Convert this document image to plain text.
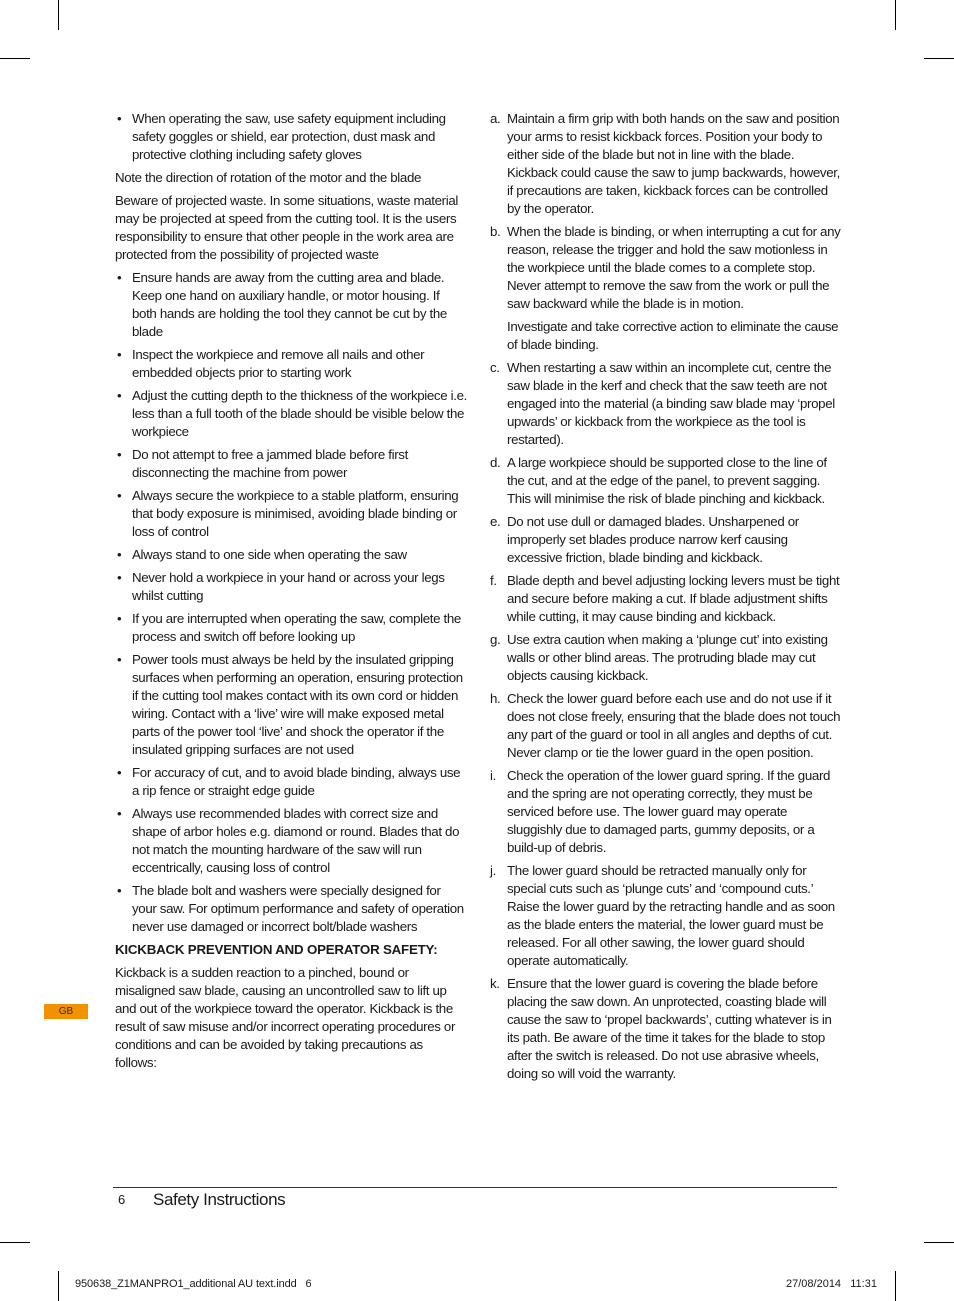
• When operating the saw, use safety equipment including safety goggles or shield, ear protection, dust mask and protective clothing including safety gloves

Note the direction of rotation of the motor and the blade

Beware of projected waste. In some situations, waste material may be projected at speed from the cutting tool. It is the users responsibility to ensure that other people in the work area are protected from the possibility of projected waste

• Ensure hands are away from the cutting area and blade. Keep one hand on auxiliary handle, or motor housing. If both hands are holding the tool they cannot be cut by the blade
• Inspect the workpiece and remove all nails and other embedded objects prior to starting work
• Adjust the cutting depth to the thickness of the workpiece i.e. less than a full tooth of the blade should be visible below the workpiece
• Do not attempt to free a jammed blade before first disconnecting the machine from power
• Always secure the workpiece to a stable platform, ensuring that body exposure is minimised, avoiding blade binding or loss of control
• Always stand to one side when operating the saw
• Never hold a workpiece in your hand or across your legs whilst cutting
• If you are interrupted when operating the saw, complete the process and switch off before looking up
• Power tools must always be held by the insulated gripping surfaces when performing an operation, ensuring protection if the cutting tool makes contact with its own cord or hidden wiring. Contact with a ‘live’ wire will make exposed metal parts of the power tool ‘live’ and shock the operator if the insulated gripping surfaces are not used
• For accuracy of cut, and to avoid blade binding, always use a rip fence or straight edge guide
• Always use recommended blades with correct size and shape of arbor holes e.g. diamond or round. Blades that do not match the mounting hardware of the saw will run eccentrically, causing loss of control
• The blade bolt and washers were specially designed for your saw. For optimum performance and safety of operation never use damaged or incorrect bolt/blade washers
KICKBACK PREVENTION AND OPERATOR SAFETY:

Kickback is a sudden reaction to a pinched, bound or misaligned saw blade, causing an uncontrolled saw to lift up and out of the workpiece toward the operator. Kickback is the result of saw misuse and/or incorrect operating procedures or conditions and can be avoided by taking precautions as follows:

a. Maintain a firm grip with both hands on the saw and position your arms to resist kickback forces. Position your body to either side of the blade but not in line with the blade. Kickback could cause the saw to jump backwards, however, if precautions are taken, kickback forces can be controlled by the operator.
b. When the blade is binding, or when interrupting a cut for any reason, release the trigger and hold the saw motionless in the workpiece until the blade comes to a complete stop. Never attempt to remove the saw from the work or pull the saw backward while the blade is in motion.
Investigate and take corrective action to eliminate the cause of blade binding.
c. When restarting a saw within an incomplete cut, centre the saw blade in the kerf and check that the saw teeth are not engaged into the material (a binding saw blade may ‘propel upwards’ or kickback from the workpiece as the tool is restarted).
d. A large workpiece should be supported close to the line of the cut, and at the edge of the panel, to prevent sagging. This will minimise the risk of blade pinching and kickback.
e. Do not use dull or damaged blades. Unsharpened or improperly set blades produce narrow kerf causing excessive friction, blade binding and kickback.
f. Blade depth and bevel adjusting locking levers must be tight and secure before making a cut. If blade adjustment shifts while cutting, it may cause binding and kickback.
g. Use extra caution when making a ‘plunge cut’ into existing walls or other blind areas. The protruding blade may cut objects causing kickback.
h. Check the lower guard before each use and do not use if it does not close freely, ensuring that the blade does not touch any part of the guard or tool in all angles and depths of cut. Never clamp or tie the lower guard in the open position.
i. Check the operation of the lower guard spring. If the guard and the spring are not operating correctly, they must be serviced before use. The lower guard may operate sluggishly due to damaged parts, gummy deposits, or a build-up of debris.
j. The lower guard should be retracted manually only for special cuts such as ‘plunge cuts’ and ‘compound cuts.’ Raise the lower guard by the retracting handle and as soon as the blade enters the material, the lower guard must be released. For all other sawing, the lower guard should operate automatically.
k. Ensure that the lower guard is covering the blade before placing the saw down. An unprotected, coasting blade will cause the saw to ‘propel backwards’, cutting whatever is in its path. Be aware of the time it takes for the blade to stop after the switch is released. Do not use abrasive wheels, doing so will void the warranty.
GB
6 Safety Instructions
950638_Z1MANPRO1_additional AU text.indd   6	27/08/2014   11:31
